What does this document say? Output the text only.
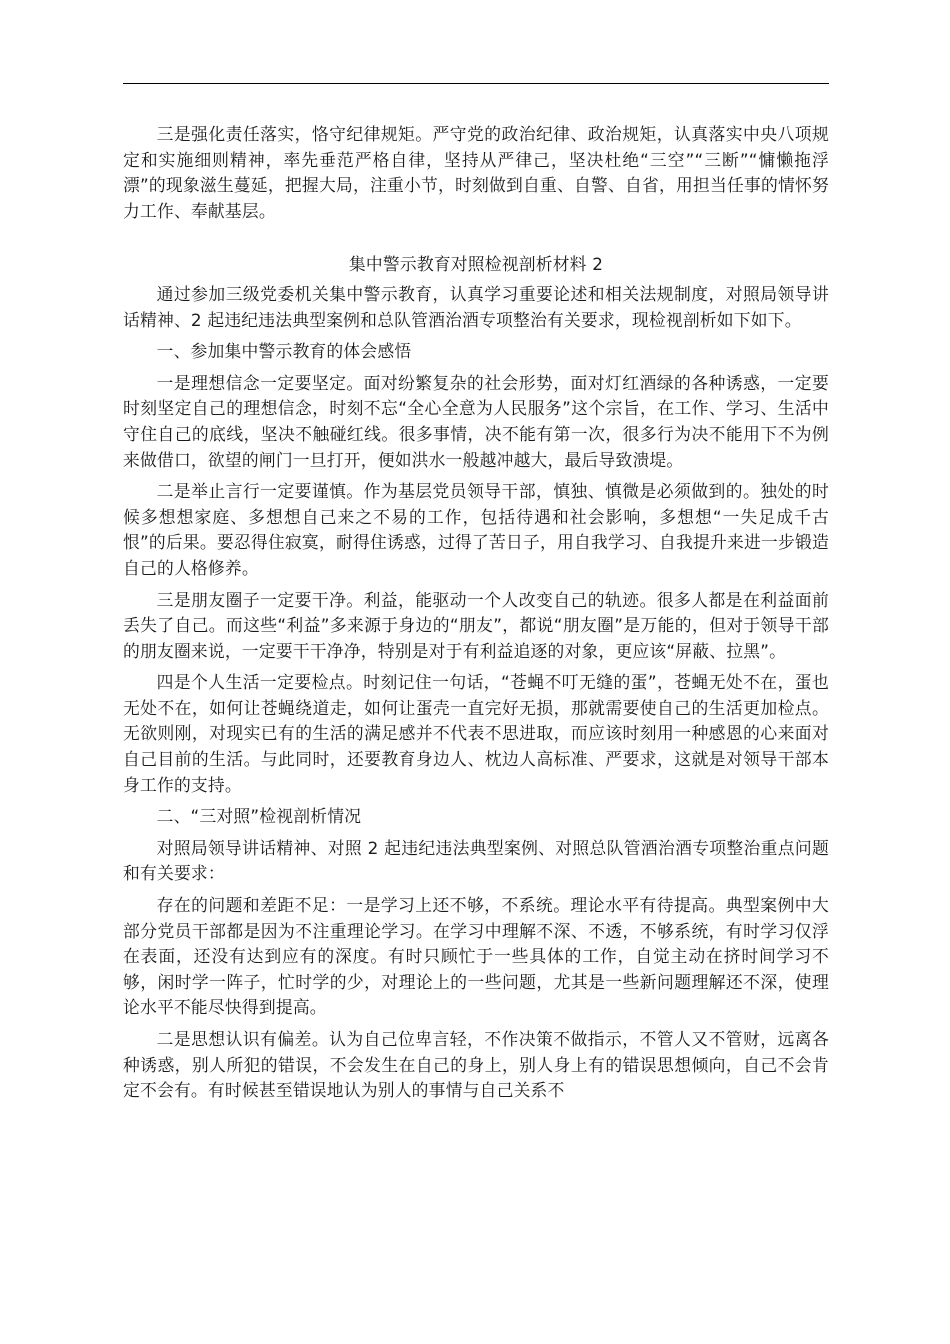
三是强化责任落实，恪守纪律规矩。严守党的政治纪律、政治规矩，认真落实中央八项规定和实施细则精神，率先垂范严格自律，坚持从严律己，坚决杜绝“三空”“三断”“慵懒拖浮漂”的现象滋生蔓延，把握大局，注重小节，时刻做到自重、自警、自省，用担当任事的情怀努力工作、奉献基层。

集中警示教育对照检视剖析材料 2

通过参加三级党委机关集中警示教育，认真学习重要论述和相关法规制度，对照局领导讲话精神、2 起违纪违法典型案例和总队管酒治酒专项整治有关要求，现检视剖析如下如下。

一、参加集中警示教育的体会感悟

一是理想信念一定要坚定。面对纷繁复杂的社会形势，面对灯红酒绿的各种诱惑，一定要时刻坚定自己的理想信念，时刻不忘“全心全意为人民服务”这个宗旨，在工作、学习、生活中守住自己的底线，坚决不触碰红线。很多事情，决不能有第一次，很多行为决不能用下不为例来做借口，欲望的闸门一旦打开，便如洪水一般越冲越大，最后导致溃堤。

二是举止言行一定要谨慎。作为基层党员领导干部，慎独、慎微是必须做到的。独处的时候多想想家庭、多想想自己来之不易的工作，包括待遇和社会影响，多想想“一失足成千古恨”的后果。要忍得住寂寞，耐得住诱惑，过得了苦日子，用自我学习、自我提升来进一步锻造自己的人格修养。

三是朋友圈子一定要干净。利益，能驱动一个人改变自己的轨迹。很多人都是在利益面前丢失了自己。而这些“利益”多来源于身边的“朋友”，都说“朋友圈”是万能的，但对于领导干部的朋友圈来说，一定要干干净净，特别是对于有利益追逐的对象，更应该“屏蔽、拉黑”。

四是个人生活一定要检点。时刻记住一句话，“苍蝇不叮无缝的蛋”，苍蝇无处不在，蛋也无处不在，如何让苍蝇绕道走，如何让蛋壳一直完好无损，那就需要使自己的生活更加检点。无欲则刚，对现实已有的生活的满足感并不代表不思进取，而应该时刻用一种感恩的心来面对自己目前的生活。与此同时，还要教育身边人、枕边人高标准、严要求，这就是对领导干部本身工作的支持。

二、“三对照”检视剖析情况

对照局领导讲话精神、对照 2 起违纪违法典型案例、对照总队管酒治酒专项整治重点问题和有关要求：

存在的问题和差距不足：一是学习上还不够，不系统。理论水平有待提高。典型案例中大部分党员干部都是因为不注重理论学习。在学习中理解不深、不透，不够系统，有时学习仅浮在表面，还没有达到应有的深度。有时只顾忙于一些具体的工作，自觉主动在挤时间学习不够，闲时学一阵子，忙时学的少，对理论上的一些问题，尤其是一些新问题理解还不深，使理论水平不能尽快得到提高。

二是思想认识有偏差。认为自己位卑言轻，不作决策不做指示，不管人又不管财，远离各种诱惑，别人所犯的错误，不会发生在自己的身上，别人身上有的错误思想倾向，自己不会肯定不会有。有时候甚至错误地认为别人的事情与自己关系不
